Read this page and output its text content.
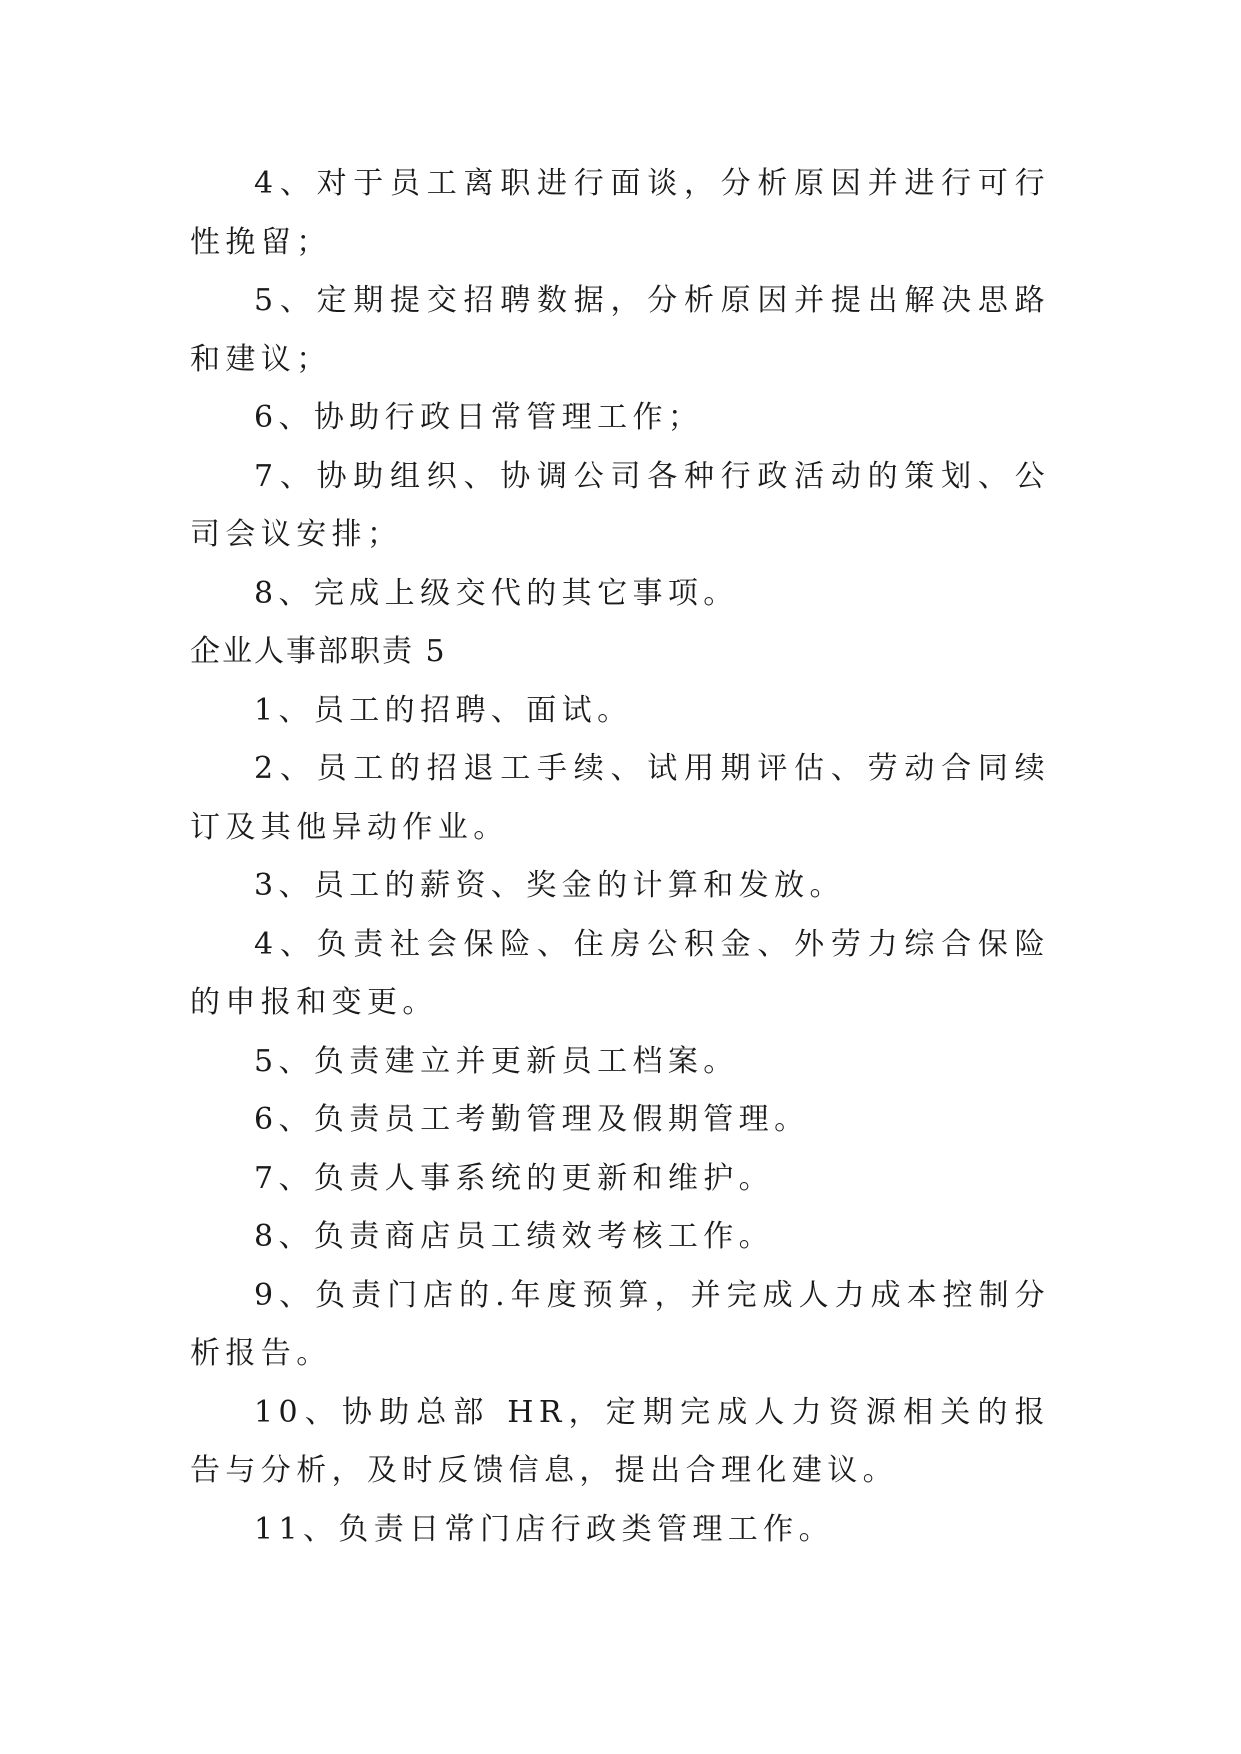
4、对于员工离职进行面谈，分析原因并进行可行性挽留；

5、定期提交招聘数据，分析原因并提出解决思路和建议；

6、协助行政日常管理工作；

7、协助组织、协调公司各种行政活动的策划、公司会议安排；

8、完成上级交代的其它事项。

企业人事部职责 5

1、员工的招聘、面试。

2、员工的招退工手续、试用期评估、劳动合同续订及其他异动作业。

3、员工的薪资、奖金的计算和发放。

4、负责社会保险、住房公积金、外劳力综合保险的申报和变更。

5、负责建立并更新员工档案。

6、负责员工考勤管理及假期管理。

7、负责人事系统的更新和维护。

8、负责商店员工绩效考核工作。

9、负责门店的.年度预算，并完成人力成本控制分析报告。

10、协助总部 HR，定期完成人力资源相关的报告与分析，及时反馈信息，提出合理化建议。

11、负责日常门店行政类管理工作。
